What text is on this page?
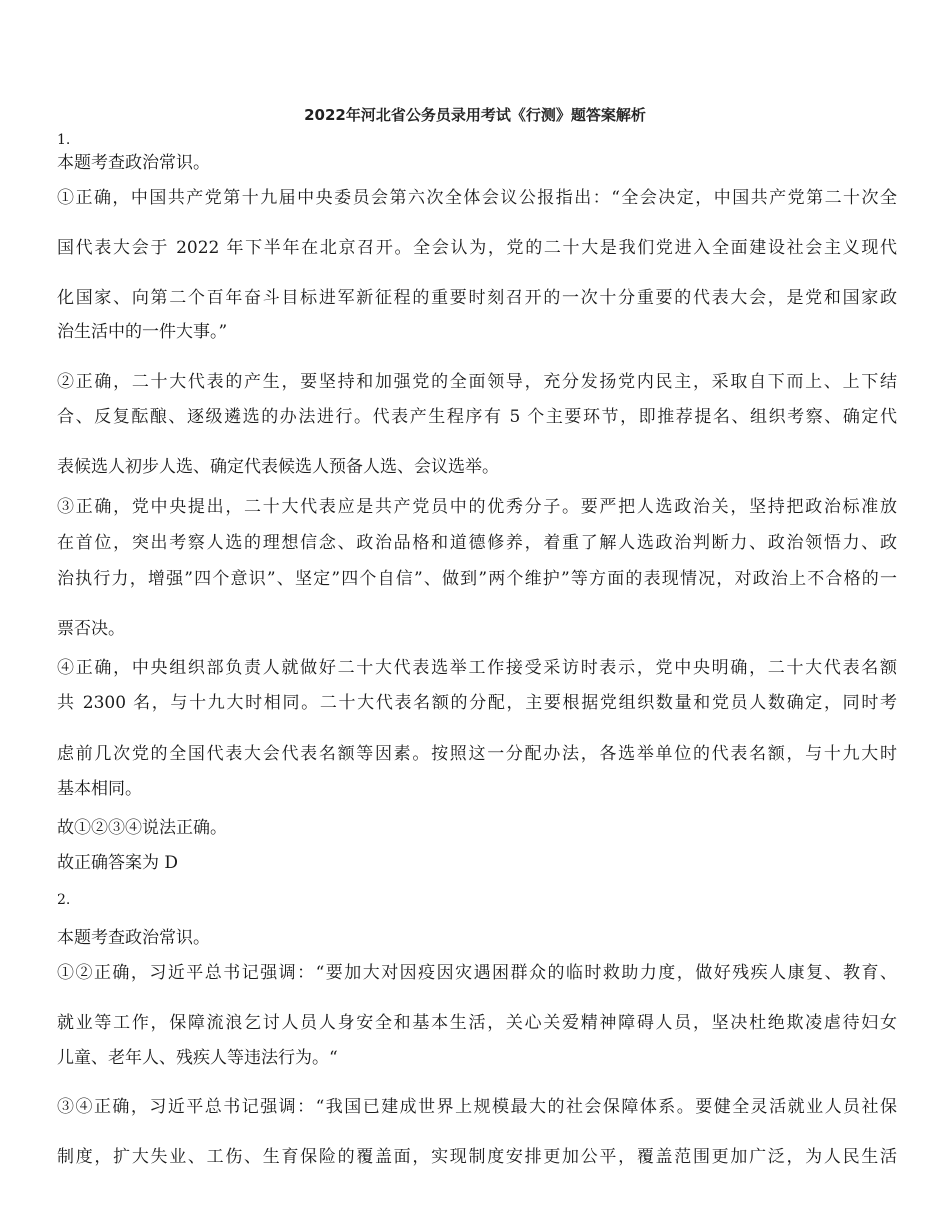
2022年河北省公务员录用考试《行测》题答案解析
1.
本题考查政治常识。
①正确，中国共产党第十九届中央委员会第六次全体会议公报指出：“全会决定，中国共产党第二十次全
国代表大会于 2022 年下半年在北京召开。全会认为，党的二十大是我们党进入全面建设社会主义现代
化国家、向第二个百年奋斗目标进军新征程的重要时刻召开的一次十分重要的代表大会，是党和国家政
治生活中的一件大事。”
②正确，二十大代表的产生，要坚持和加强党的全面领导，充分发扬党内民主，采取自下而上、上下结
合、反复酝酿、逐级遴选的办法进行。代表产生程序有 5 个主要环节，即推荐提名、组织考察、确定代
表候选人初步人选、确定代表候选人预备人选、会议选举。
③正确，党中央提出，二十大代表应是共产党员中的优秀分子。要严把人选政治关，坚持把政治标准放
在首位，突出考察人选的理想信念、政治品格和道德修养，着重了解人选政治判断力、政治领悟力、政
治执行力，增强”四个意识”、坚定”四个自信”、做到”两个维护”等方面的表现情况，对政治上不合格的一
票否决。
④正确，中央组织部负责人就做好二十大代表选举工作接受采访时表示，党中央明确，二十大代表名额
共 2300 名，与十九大时相同。二十大代表名额的分配，主要根据党组织数量和党员人数确定，同时考
虑前几次党的全国代表大会代表名额等因素。按照这一分配办法，各选举单位的代表名额，与十九大时
基本相同。
故①②③④说法正确。
故正确答案为 D
2.
本题考查政治常识。
①②正确，习近平总书记强调：“要加大对因疫因灾遇困群众的临时救助力度，做好残疾人康复、教育、
就业等工作，保障流浪乞讨人员人身安全和基本生活，关心关爱精神障碍人员，坚决杜绝欺凌虐待妇女
儿童、老年人、残疾人等违法行为。“
③④正确，习近平总书记强调：“我国已建成世界上规模最大的社会保障体系。要健全灵活就业人员社保
制度，扩大失业、工伤、生育保险的覆盖面，实现制度安排更加公平，覆盖范围更加广泛，为人民生活
